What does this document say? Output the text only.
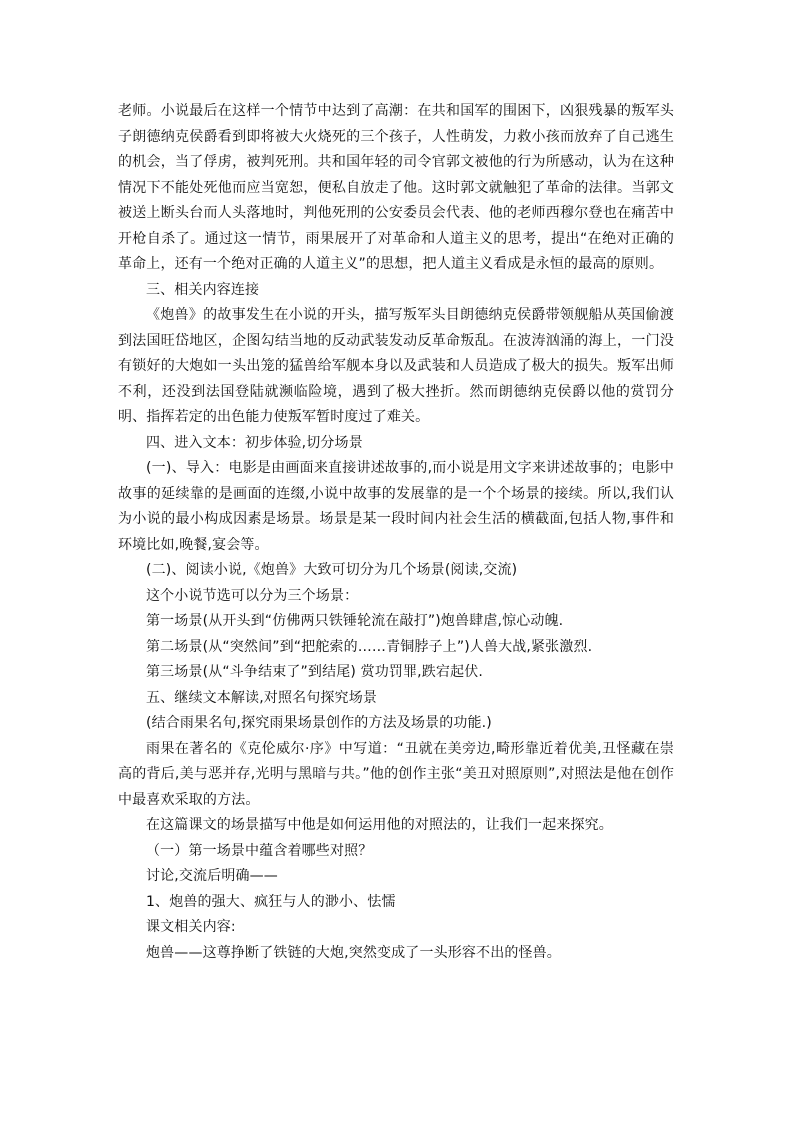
老师。小说最后在这样一个情节中达到了高潮：在共和国军的围困下，凶狠残暴的叛军头子朗德纳克侯爵看到即将被大火烧死的三个孩子，人性萌发，力救小孩而放弃了自己逃生的机会，当了俘虏，被判死刑。共和国年轻的司令官郭文被他的行为所感动，认为在这种情况下不能处死他而应当宽恕，便私自放走了他。这时郭文就触犯了革命的法律。当郭文被送上断头台而人头落地时，判他死刑的公安委员会代表、他的老师西穆尔登也在痛苦中开枪自杀了。通过这一情节，雨果展开了对革命和人道主义的思考，提出“在绝对正确的革命上，还有一个绝对正确的人道主义”的思想，把人道主义看成是永恒的最高的原则。

三、相关内容连接

《炮兽》的故事发生在小说的开头，描写叛军头目朗德纳克侯爵带领舰船从英国偷渡到法国旺岱地区，企图勾结当地的反动武装发动反革命叛乱。在波涛汹涌的海上，一门没有锁好的大炮如一头出笼的猛兽给军舰本身以及武装和人员造成了极大的损失。叛军出师不利，还没到法国登陆就濒临险境，遇到了极大挫折。然而朗德纳克侯爵以他的赏罚分明、指挥若定的出色能力使叛军暂时度过了难关。

四、进入文本：初步体验,切分场景

(一)、导入：电影是由画面来直接讲述故事的,而小说是用文字来讲述故事的；电影中故事的延续靠的是画面的连缀,小说中故事的发展靠的是一个个场景的接续。所以,我们认为小说的最小构成因素是场景。场景是某一段时间内社会生活的横截面,包括人物,事件和环境比如,晚餐,宴会等。

(二)、阅读小说,《炮兽》大致可切分为几个场景(阅读,交流)

这个小说节选可以分为三个场景：

第一场景(从开头到“仿佛两只铁锤轮流在敲打”)炮兽肆虐,惊心动魄.

第二场景(从“突然间”到“把舵索的……青铜脖子上”)人兽大战,紧张激烈.

第三场景(从“斗争结束了”到结尾) 赏功罚罪,跌宕起伏.

五、继续文本解读,对照名句探究场景

(结合雨果名句,探究雨果场景创作的方法及场景的功能.)

雨果在著名的《克伦威尔·序》中写道：“丑就在美旁边,畸形靠近着优美,丑怪藏在崇高的背后,美与恶并存,光明与黑暗与共。”他的创作主张“美丑对照原则”,对照法是他在创作中最喜欢采取的方法。

在这篇课文的场景描写中他是如何运用他的对照法的，让我们一起来探究。

（一）第一场景中蕴含着哪些对照？

讨论,交流后明确——

1、炮兽的强大、疯狂与人的渺小、怯懦

课文相关内容:

炮兽——这尊挣断了铁链的大炮,突然变成了一头形容不出的怪兽。
